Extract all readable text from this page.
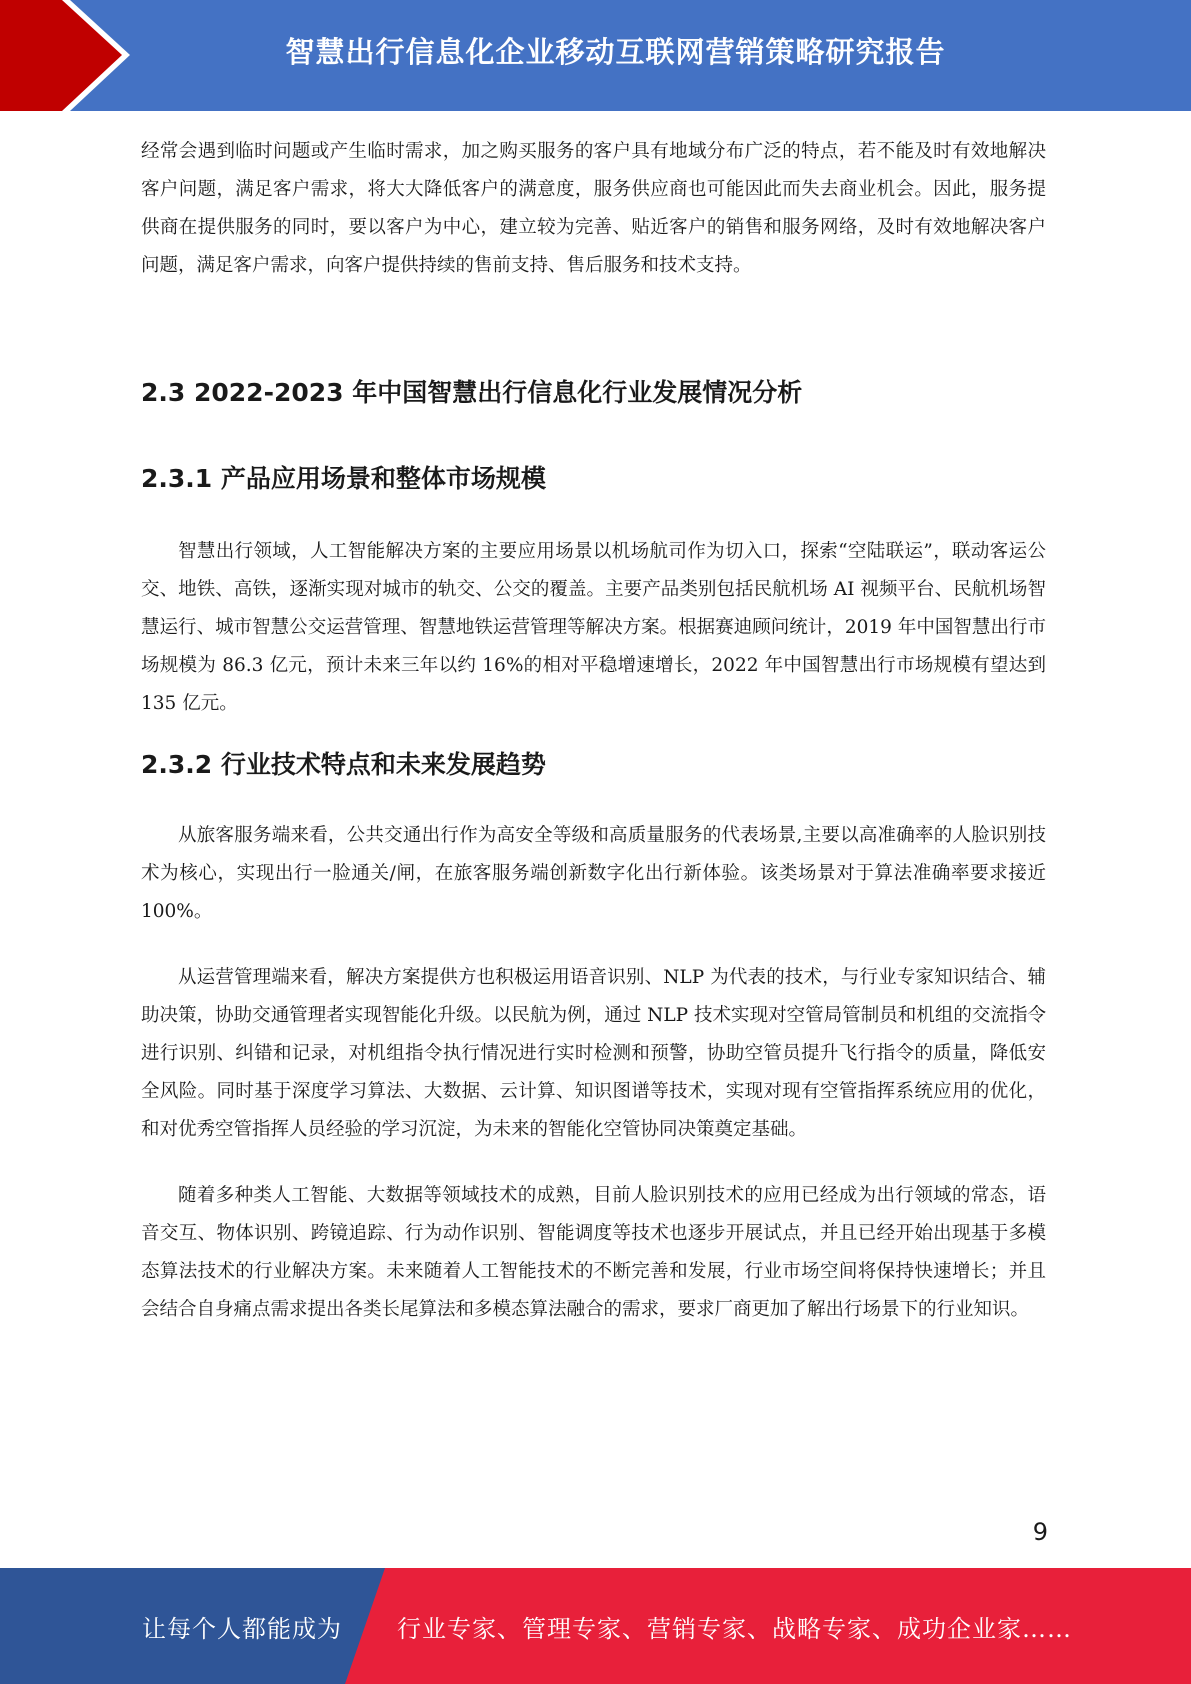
智慧出行信息化企业移动互联网营销策略研究报告

经常会遇到临时问题或产生临时需求，加之购买服务的客户具有地域分布广泛的特点，若不能及时有效地解决客户问题，满足客户需求，将大大降低客户的满意度，服务供应商也可能因此而失去商业机会。因此，服务提供商在提供服务的同时，要以客户为中心，建立较为完善、贴近客户的销售和服务网络，及时有效地解决客户问题，满足客户需求，向客户提供持续的售前支持、售后服务和技术支持。

2.3 2022-2023 年中国智慧出行信息化行业发展情况分析
2.3.1 产品应用场景和整体市场规模

智慧出行领域，人工智能解决方案的主要应用场景以机场航司作为切入口，探索“空陆联运”，联动客运公交、地铁、高铁，逐渐实现对城市的轨交、公交的覆盖。主要产品类别包括民航机场 AI 视频平台、民航机场智慧运行、城市智慧公交运营管理、智慧地铁运营管理等解决方案。根据赛迪顾问统计，2019 年中国智慧出行市场规模为 86.3 亿元，预计未来三年以约 16%的相对平稳增速增长，2022 年中国智慧出行市场规模有望达到 135 亿元。

2.3.2 行业技术特点和未来发展趋势

从旅客服务端来看，公共交通出行作为高安全等级和高质量服务的代表场景,主要以高准确率的人脸识别技术为核心，实现出行一脸通关/闸，在旅客服务端创新数字化出行新体验。该类场景对于算法准确率要求接近 100%。

从运营管理端来看，解决方案提供方也积极运用语音识别、NLP 为代表的技术，与行业专家知识结合、辅助决策，协助交通管理者实现智能化升级。以民航为例，通过 NLP 技术实现对空管局管制员和机组的交流指令进行识别、纠错和记录，对机组指令执行情况进行实时检测和预警，协助空管员提升飞行指令的质量，降低安全风险。同时基于深度学习算法、大数据、云计算、知识图谱等技术，实现对现有空管指挥系统应用的优化，和对优秀空管指挥人员经验的学习沉淀，为未来的智能化空管协同决策奠定基础。

随着多种类人工智能、大数据等领域技术的成熟，目前人脸识别技术的应用已经成为出行领域的常态，语音交互、物体识别、跨镜追踪、行为动作识别、智能调度等技术也逐步开展试点，并且已经开始出现基于多模态算法技术的行业解决方案。未来随着人工智能技术的不断完善和发展，行业市场空间将保持快速增长；并且会结合自身痛点需求提出各类长尾算法和多模态算法融合的需求，要求厂商更加了解出行场景下的行业知识。

9
让每个人都能成为 行业专家、管理专家、营销专家、战略专家、成功企业家……
